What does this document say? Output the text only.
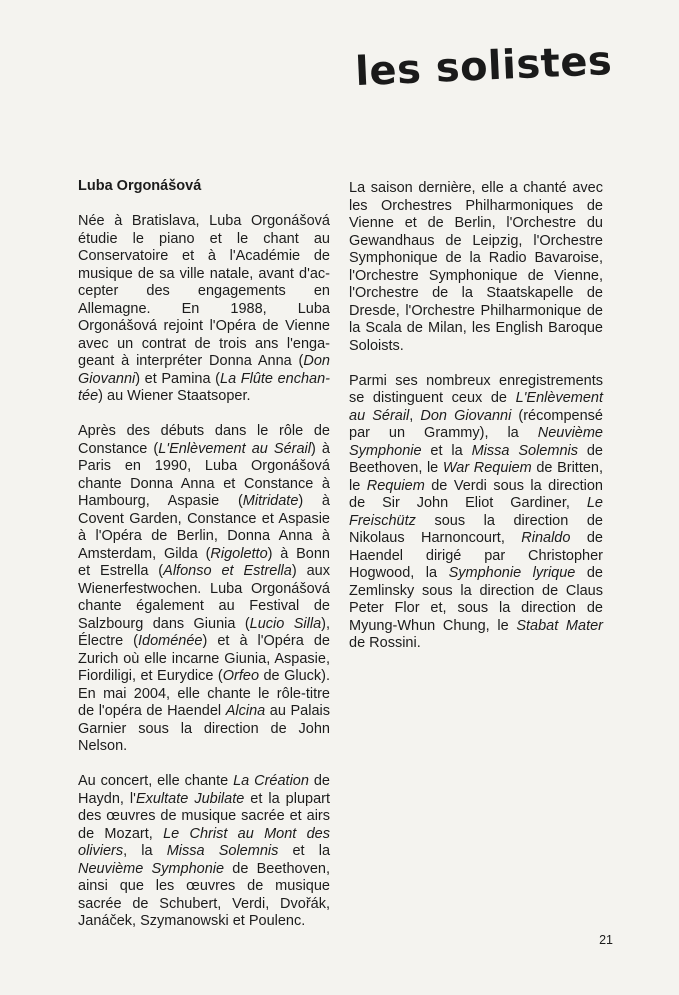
les solistes
Luba Orgonášová

Née à Bratislava, Luba Orgonášová étudie le piano et le chant au Conservatoire et à l'Académie de musique de sa ville natale, avant d'ac-cepter des engagements en Allemagne. En 1988, Luba Orgonášová rejoint l'Opéra de Vienne avec un contrat de trois ans l'enga-geant à interpréter Donna Anna (Don Giovanni) et Pamina (La Flûte enchan-tée) au Wiener Staatsoper.

Après des débuts dans le rôle de Constance (L'Enlèvement au Sérail) à Paris en 1990, Luba Orgonášová chante Donna Anna et Constance à Hambourg, Aspasie (Mitridate) à Covent Garden, Constance et Aspasie à l'Opéra de Berlin, Donna Anna à Amsterdam, Gilda (Rigoletto) à Bonn et Estrella (Alfonso et Estrella) aux Wienerfestwochen. Luba Orgonášová chante également au Festival de Salzbourg dans Giunia (Lucio Silla), Électre (Idoménée) et à l'Opéra de Zurich où elle incarne Giunia, Aspasie, Fiordiligi, et Eurydice (Orfeo de Gluck). En mai 2004, elle chante le rôle-titre de l'opéra de Haendel Alcina au Palais Garnier sous la direction de John Nelson.

Au concert, elle chante La Création de Haydn, l'Exultate Jubilate et la plupart des œuvres de musique sacrée et airs de Mozart, Le Christ au Mont des oliviers, la Missa Solemnis et la Neuvième Symphonie de Beethoven, ainsi que les œuvres de musique sacrée de Schubert, Verdi, Dvořák, Janáček, Szymanowski et Poulenc.

La saison dernière, elle a chanté avec les Orchestres Philharmoniques de Vienne et de Berlin, l'Orchestre du Gewandhaus de Leipzig, l'Orchestre Symphonique de la Radio Bavaroise, l'Orchestre Symphonique de Vienne, l'Orchestre de la Staatskapelle de Dresde, l'Orchestre Philharmonique de la Scala de Milan, les English Baroque Soloists.

Parmi ses nombreux enregistrements se distinguent ceux de L'Enlèvement au Sérail, Don Giovanni (récompensé par un Grammy), la Neuvième Symphonie et la Missa Solemnis de Beethoven, le War Requiem de Britten, le Requiem de Verdi sous la direction de Sir John Eliot Gardiner, Le Freischütz sous la direction de Nikolaus Harnoncourt, Rinaldo de Haendel dirigé par Christopher Hogwood, la Symphonie lyrique de Zemlinsky sous la direction de Claus Peter Flor et, sous la direction de Myung-Whun Chung, le Stabat Mater de Rossini.

21
